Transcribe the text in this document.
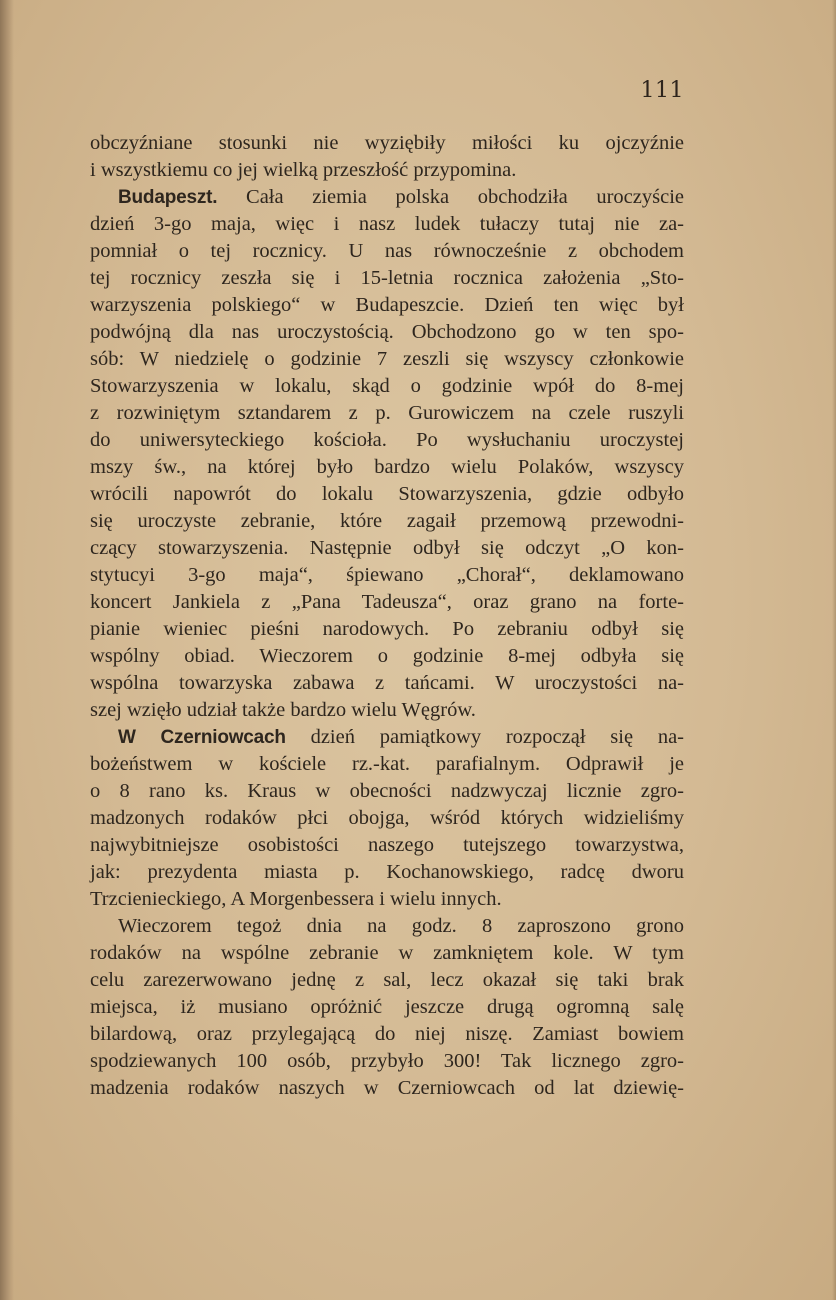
111
obczyźniane stosunki nie wyziębiły miłości ku ojczyźnie
i wszystkiemu co jej wielką przeszłość przypomina.
Budapeszt. Cała ziemia polska obchodziła uroczyście
dzień 3-go maja, więc i nasz ludek tułaczy tutaj nie za-
pomniał o tej rocznicy. U nas równocześnie z obchodem
tej rocznicy zeszła się i 15-letnia rocznica założenia „Sto-
warzyszenia polskiego“ w Budapeszcie. Dzień ten więc był
podwójną dla nas uroczystością. Obchodzono go w ten spo-
sób: W niedzielę o godzinie 7 zeszli się wszyscy członkowie
Stowarzyszenia w lokalu, skąd o godzinie wpół do 8-mej
z rozwiniętym sztandarem z p. Gurowiczem na czele ruszyli
do uniwersyteckiego kościoła. Po wysłuchaniu uroczystej
mszy św., na której było bardzo wielu Polaków, wszyscy
wrócili napowrót do lokalu Stowarzyszenia, gdzie odbyło
się uroczyste zebranie, które zagaił przemową przewodni-
czący stowarzyszenia. Następnie odbył się odczyt „O kon-
stytucyi 3-go maja“, śpiewano „Chorał“, deklamowano
koncert Jankiela z „Pana Tadeusza“, oraz grano na forte-
pianie wieniec pieśni narodowych. Po zebraniu odbył się
wspólny obiad. Wieczorem o godzinie 8-mej odbyła się
wspólna towarzyska zabawa z tańcami. W uroczystości na-
szej wzięło udział także bardzo wielu Węgrów.
W Czerniowcach dzień pamiątkowy rozpoczął się na-
bożeństwem w kościele rz.-kat. parafialnym. Odprawił je
o 8 rano ks. Kraus w obecności nadzwyczaj licznie zgro-
madzonych rodaków płci obojga, wśród których widzieliśmy
najwybitniejsze osobistości naszego tutejszego towarzystwa,
jak: prezydenta miasta p. Kochanowskiego, radcę dworu
Trzcienieckiego, A Morgenbessera i wielu innych.
Wieczorem tegoż dnia na godz. 8 zaproszono grono
rodaków na wspólne zebranie w zamkniętem kole. W tym
celu zarezerwowano jednę z sal, lecz okazał się taki brak
miejsca, iż musiano opróżnić jeszcze drugą ogromną salę
bilardową, oraz przylegającą do niej niszę. Zamiast bowiem
spodziewanych 100 osób, przybyło 300! Tak licznego zgro-
madzenia rodaków naszych w Czerniowcach od lat dziewię-
